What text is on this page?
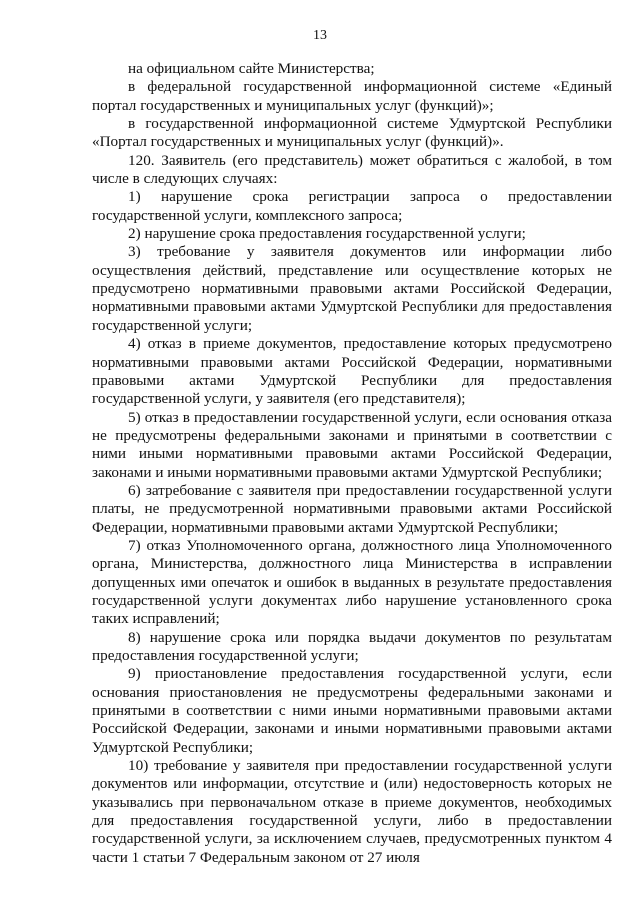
13

на официальном сайте Министерства;

в федеральной государственной информационной системе «Единый портал государственных и муниципальных услуг (функций)»;

в государственной информационной системе Удмуртской Республики «Портал государственных и муниципальных услуг (функций)».

120. Заявитель (его представитель) может обратиться с жалобой, в том числе в следующих случаях:

1) нарушение срока регистрации запроса о предоставлении государственной услуги, комплексного запроса;

2) нарушение срока предоставления государственной услуги;

3) требование у заявителя документов или информации либо осуществления действий, представление или осуществление которых не предусмотрено нормативными правовыми актами Российской Федерации, нормативными правовыми актами Удмуртской Республики для предоставления государственной услуги;

4) отказ в приеме документов, предоставление которых предусмотрено нормативными правовыми актами Российской Федерации, нормативными правовыми актами Удмуртской Республики для предоставления государственной услуги, у заявителя (его представителя);

5) отказ в предоставлении государственной услуги, если основания отказа не предусмотрены федеральными законами и принятыми в соответствии с ними иными нормативными правовыми актами Российской Федерации, законами и иными нормативными правовыми актами Удмуртской Республики;

6) затребование с заявителя при предоставлении государственной услуги платы, не предусмотренной нормативными правовыми актами Российской Федерации, нормативными правовыми актами Удмуртской Республики;

7) отказ Уполномоченного органа, должностного лица Уполномоченного органа, Министерства, должностного лица Министерства в исправлении допущенных ими опечаток и ошибок в выданных в результате предоставления государственной услуги документах либо нарушение установленного срока таких исправлений;

8) нарушение срока или порядка выдачи документов по результатам предоставления государственной услуги;

9) приостановление предоставления государственной услуги, если основания приостановления не предусмотрены федеральными законами и принятыми в соответствии с ними иными нормативными правовыми актами Российской Федерации, законами и иными нормативными правовыми актами Удмуртской Республики;

10) требование у заявителя при предоставлении государственной услуги документов или информации, отсутствие и (или) недостоверность которых не указывались при первоначальном отказе в приеме документов, необходимых для предоставления государственной услуги, либо в предоставлении государственной услуги, за исключением случаев, предусмотренных пунктом 4 части 1 статьи 7 Федеральным законом от 27 июля
